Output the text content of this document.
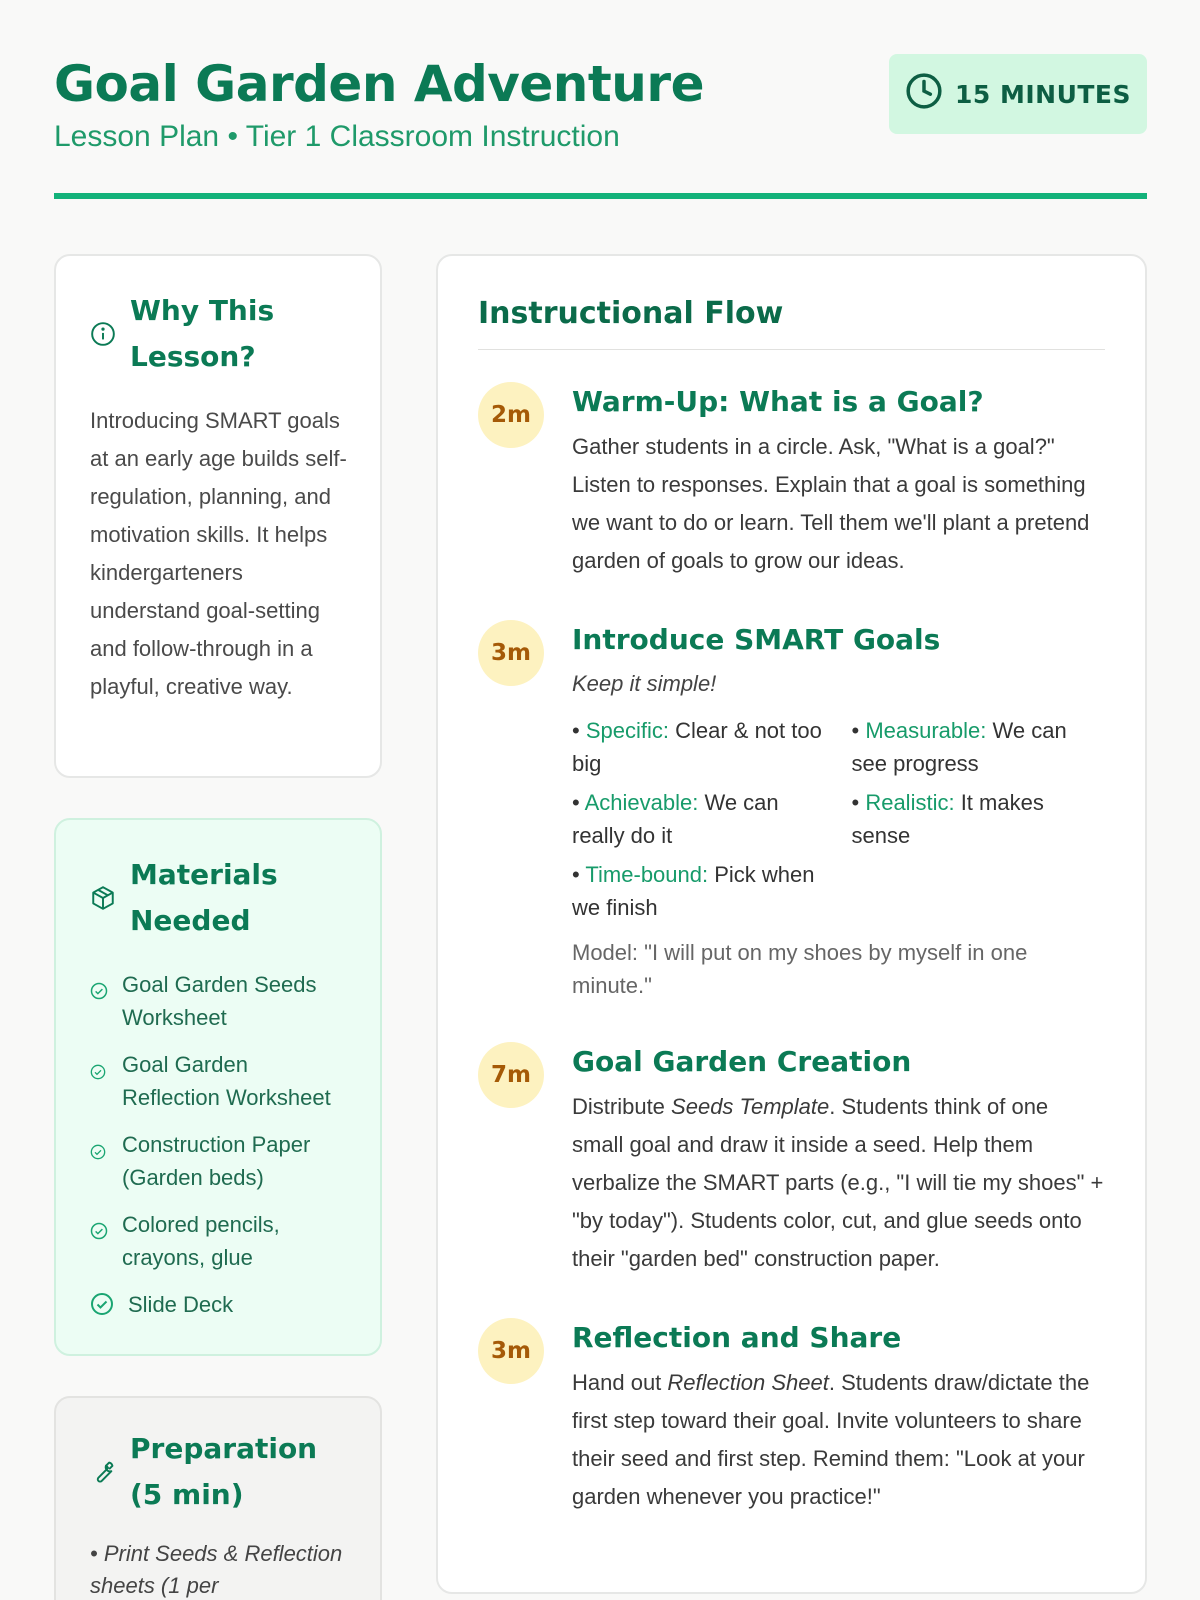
Goal Garden Adventure
Lesson Plan • Tier 1 Classroom Instruction
15 MINUTES
Why This Lesson?
Introducing SMART goals at an early age builds self-regulation, planning, and motivation skills. It helps kindergarteners understand goal-setting and follow-through in a playful, creative way.
Materials Needed
Goal Garden Seeds Worksheet
Goal Garden Reflection Worksheet
Construction Paper (Garden beds)
Colored pencils, crayons, glue
Slide Deck
Preparation (5 min)
• Print Seeds & Reflection sheets (1 per
Instructional Flow
2m	Warm-Up: What is a Goal?
Gather students in a circle. Ask, "What is a goal?" Listen to responses. Explain that a goal is something we want to do or learn. Tell them we'll plant a pretend garden of goals to grow our ideas.
3m	Introduce SMART Goals
Keep it simple!
• Specific: Clear & not too big
• Measurable: We can see progress
• Achievable: We can really do it
• Realistic: It makes sense
• Time-bound: Pick when we finish
Model: "I will put on my shoes by myself in one minute."
7m	Goal Garden Creation
Distribute Seeds Template. Students think of one small goal and draw it inside a seed. Help them verbalize the SMART parts (e.g., "I will tie my shoes" + "by today"). Students color, cut, and glue seeds onto their "garden bed" construction paper.
3m	Reflection and Share
Hand out Reflection Sheet. Students draw/dictate the first step toward their goal. Invite volunteers to share their seed and first step. Remind them: "Look at your garden whenever you practice!"
